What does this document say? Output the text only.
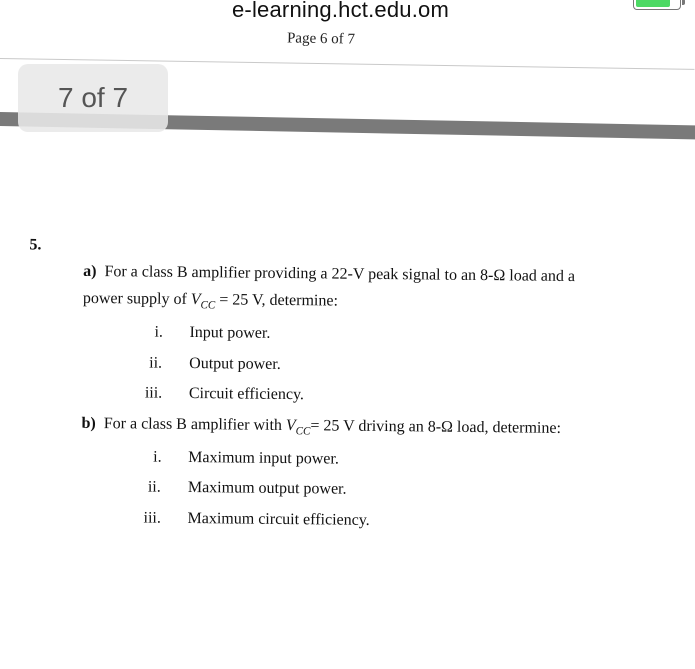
e-learning.hct.edu.om
Page 6 of 7
7 of 7
5.
a) For a class B amplifier providing a 22-V peak signal to an 8-Ω load and a
power supply of $V_{CC} = 25$ V, determine:
i. Input power.
ii. Output power.
iii. Circuit efficiency.
b) For a class B amplifier with $V_{CC}= 25$ V driving an 8-Ω load, determine:
i. Maximum input power.
ii. Maximum output power.
iii. Maximum circuit efficiency.
